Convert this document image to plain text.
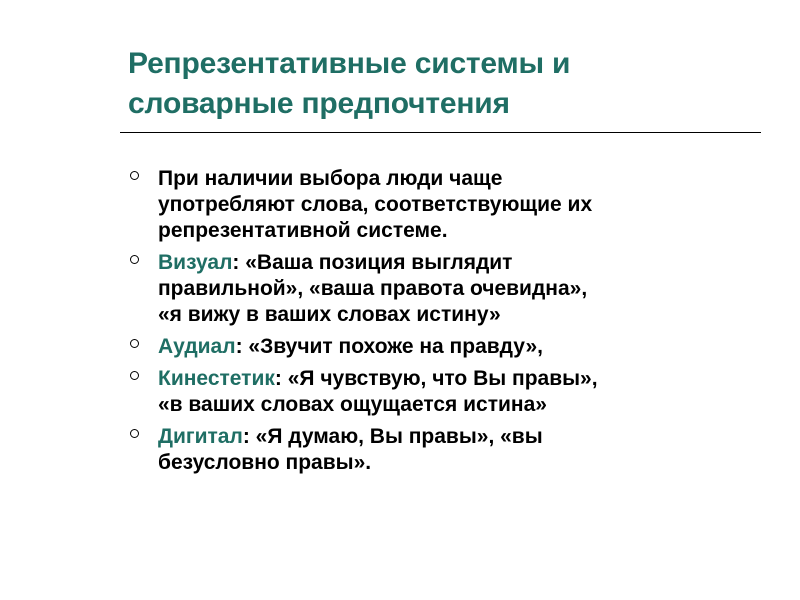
Репрезентативные системы и
словарные предпочтения
При наличии выбора люди чаще
употребляют слова, соответствующие их
репрезентативной системе.
Визуал: «Ваша позиция выглядит
правильной», «ваша правота очевидна»,
«я вижу в ваших словах истину»
Аудиал: «Звучит похоже на правду»,
Кинестетик: «Я чувствую, что Вы правы»,
«в ваших словах ощущается истина»
Дигитал: «Я думаю, Вы правы», «вы
безусловно правы».
